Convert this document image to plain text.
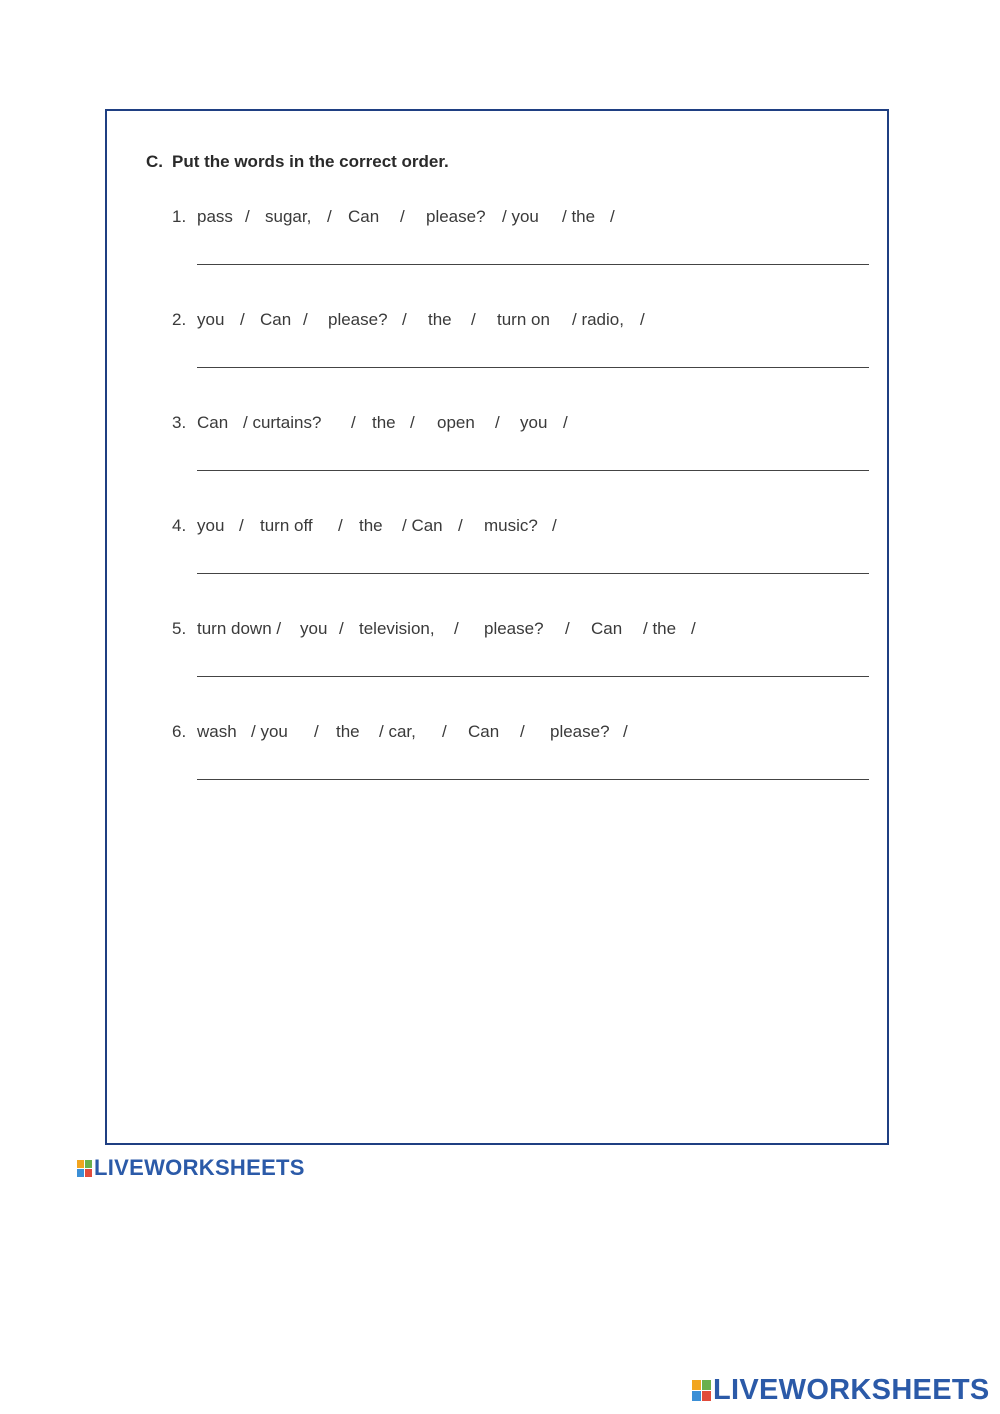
C. Put the words in the correct order.
1. pass / sugar, / Can / please? / you / the /
2. you / Can / please? / the / turn on / radio, /
3. Can / curtains? / the / open / you /
4. you / turn off / the / Can / music? /
5. turn down / you / television, / please? / Can / the /
6. wash / you / the / car, / Can / please? /
LIVEWORKSHEETS
LIVEWORKSHEETS
